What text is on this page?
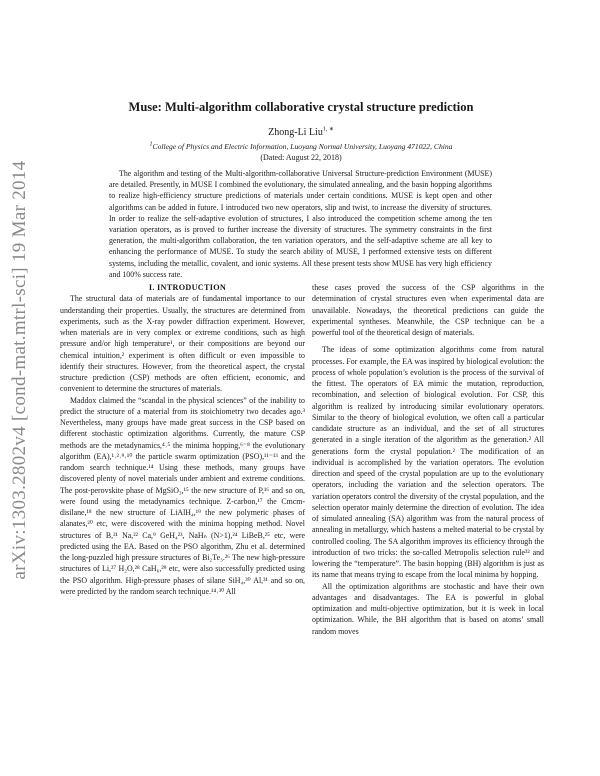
arXiv:1303.2802v4 [cond-mat.mtrl-sci] 19 Mar 2014

Muse: Multi-algorithm collaborative crystal structure prediction

Zhong-Li Liu$^{1, ∗}$

$^1$College of Physics and Electric Information, Luoyang Normal University, Luoyang 471022, China

(Dated: August 22, 2018)

The algorithm and testing of the Multi-algorithm-collaborative Universal Structure-prediction Environment (MUSE) are detailed. Presently, in MUSE I combined the evolutionary, the simulated annealing, and the basin hopping algorithms to realize high-efficiency structure predictions of materials under certain conditions. MUSE is kept open and other algorithms can be added in future. I introduced two new operators, slip and twist, to increase the diversity of structures. In order to realize the self-adaptive evolution of structures, I also introduced the competition scheme among the ten variation operators, as is proved to further increase the diversity of structures. The symmetry constraints in the first generation, the multi-algorithm collaboration, the ten variation operators, and the self-adaptive scheme are all key to enhancing the performance of MUSE. To study the search ability of MUSE, I performed extensive tests on different systems, including the metallic, covalent, and ionic systems. All these present tests show MUSE has very high efficiency and 100% success rate.

I. INTRODUCTION

The structural data of materials are of fundamental importance to our understanding their properties. Usually, the structures are determined from experiments, such as the X-ray powder diffraction experiment. However, when materials are in very complex or extreme conditions, such as high pressure and/or high temperature¹, or their compositions are beyond our chemical intuition,² experiment is often difficult or even impossible to identify their structures. However, from the theoretical aspect, the crystal structure prediction (CSP) methods are often efficient, economic, and convenient to determine the structures of materials.

Maddox claimed the “scandal in the physical sciences” of the inability to predict the structure of a material from its stoichiometry two decades ago.³ Nevertheless, many groups have made great success in the CSP based on different stochastic optimization algorithms. Currently, the mature CSP methods are the metadynamics,⁴˒⁵ the minima hopping,⁶⁻⁸ the evolutionary algorithm (EA),¹˒²˒⁹˒¹⁰ the particle swarm optimization (PSO),¹¹⁻¹³ and the random search technique.¹⁴ Using these methods, many groups have discovered plenty of novel materials under ambient and extreme conditions. The post-perovskite phase of MgSiO₃,¹⁵ the new structure of P,¹⁶ and so on, were found using the metadynamics technique. Z-carbon,¹⁷ the Cmcm-disilane,¹⁸ the new structure of LiAlH₄,¹⁹ the new polymeric phases of alanates,²⁰ etc, were discovered with the minima hopping method. Novel structures of B,²¹ Na,²² Ca,⁹ GeH₄²³, NaHₙ (N>1),²⁴ LiBeB,²⁵ etc, were predicted using the EA. Based on the PSO algorithm, Zhu et al. determined the long-puzzled high pressure structures of Bi₂Te₃.²⁶ The new high-pressure structures of Li,²⁷ H₂O,²⁸ CaH₆,²⁹ etc, were also successfully predicted using the PSO algorithm. High-pressure phases of silane SiH₄,³⁰ Al,³¹ and so on, were predicted by the random search technique.¹⁴˒³⁰ All

these cases proved the success of the CSP algorithms in the determination of crystal structures even when experimental data are unavailable. Nowadays, the theoretical predictions can guide the experimental syntheses. Meanwhile, the CSP technique can be a powerful tool of the theoretical design of materials.

The ideas of some optimization algorithms come from natural processes. For example, the EA was inspired by biological evolution: the process of whole population’s evolution is the process of the survival of the fittest. The operators of EA mimic the mutation, reproduction, recombination, and selection of biological evolution. For CSP, this algorithm is realized by introducing similar evolutionary operators. Similar to the theory of biological evolution, we often call a particular candidate structure as an individual, and the set of all structures generated in a single iteration of the algorithm as the generation.² All generations form the crystal population.² The modification of an individual is accomplished by the variation operators. The evolution direction and speed of the crystal population are up to the evolutionary operators, including the variation and the selection operators. The variation operators control the diversity of the crystal population, and the selection operator mainly determine the direction of evolution. The idea of simulated annealing (SA) algorithm was from the natural process of annealing in metallurgy, which hastens a melted material to be crystal by controlled cooling. The SA algorithm improves its efficiency through the introduction of two tricks: the so-called Metropolis selection rule³² and lowering the “temperature”. The basin hopping (BH) algorithm is just as its name that means trying to escape from the local minima by hopping.

All the optimization algorithms are stochastic and have their own advantages and disadvantages. The EA is powerful in global optimization and multi-objective optimization, but it is week in local optimization. While, the BH algorithm that is based on atoms’ small random moves
